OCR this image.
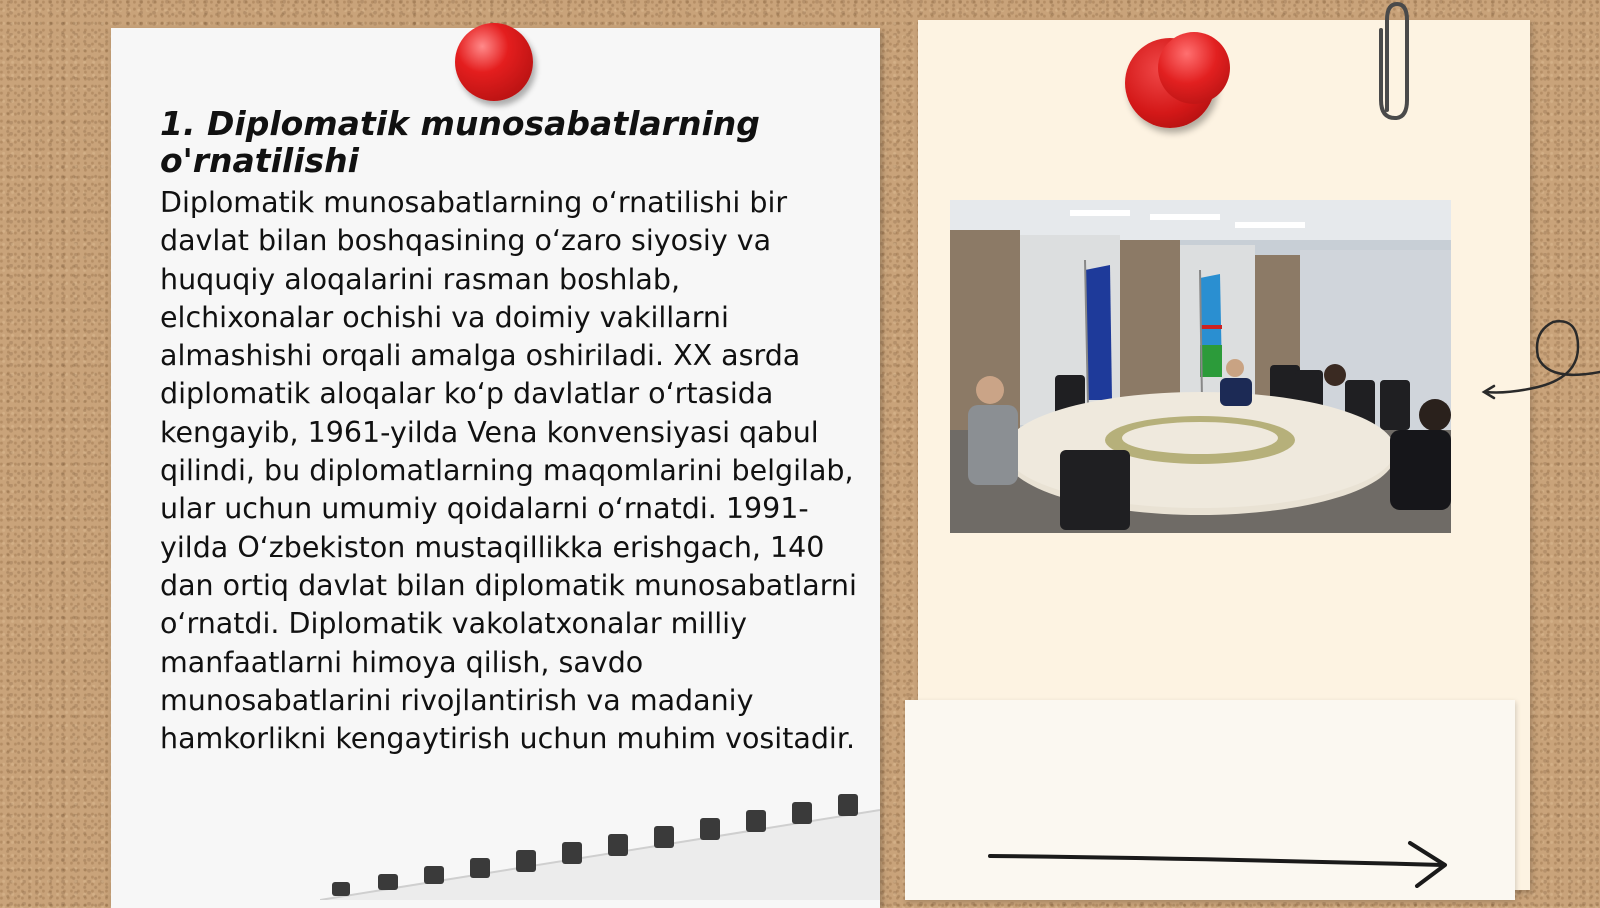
1. Diplomatik munosabatlarning o'rnatilishi

Diplomatik munosabatlarning oʻrnatilishi bir davlat bilan boshqasining oʻzaro siyosiy va huquqiy aloqalarini rasman boshlab, elchixonalar ochishi va doimiy vakillarni almashishi orqali amalga oshiriladi. XX asrda diplomatik aloqalar koʻp davlatlar oʻrtasida kengayib, 1961-yilda Vena konvensiyasi qabul qilindi, bu diplomatlarning maqomlarini belgilab, ular uchun umumiy qoidalarni oʻrnatdi. 1991-yilda Oʻzbekiston mustaqillikka erishgach, 140 dan ortiq davlat bilan diplomatik munosabatlarni oʻrnatdi. Diplomatik vakolatxonalar milliy manfaatlarni himoya qilish, savdo munosabatlarini rivojlantirish va madaniy hamkorlikni kengaytirish uchun muhim vositadir.
